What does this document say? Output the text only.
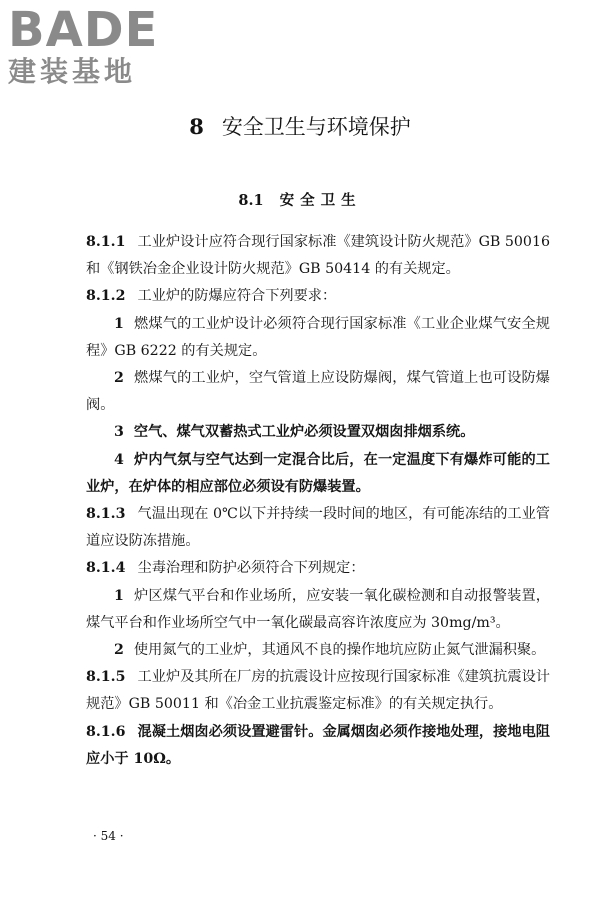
BADE
建装基地
8 安全卫生与环境保护
8.1 安全卫生

8.1.1 工业炉设计应符合现行国家标准《建筑设计防火规范》GB 50016 和《钢铁冶金企业设计防火规范》GB 50414 的有关规定。

8.1.2 工业炉的防爆应符合下列要求：

1 燃煤气的工业炉设计必须符合现行国家标准《工业企业煤气安全规程》GB 6222 的有关规定。

2 燃煤气的工业炉，空气管道上应设防爆阀，煤气管道上也可设防爆阀。

3 空气、煤气双蓄热式工业炉必须设置双烟囱排烟系统。

4 炉内气氛与空气达到一定混合比后，在一定温度下有爆炸可能的工业炉，在炉体的相应部位必须设有防爆装置。

8.1.3 气温出现在 0℃以下并持续一段时间的地区，有可能冻结的工业管道应设防冻措施。

8.1.4 尘毒治理和防护必须符合下列规定：

1 炉区煤气平台和作业场所，应安装一氧化碳检测和自动报警装置，煤气平台和作业场所空气中一氧化碳最高容许浓度应为 30mg/m³。

2 使用氮气的工业炉，其通风不良的操作地坑应防止氮气泄漏积聚。

8.1.5 工业炉及其所在厂房的抗震设计应按现行国家标准《建筑抗震设计规范》GB 50011 和《冶金工业抗震鉴定标准》的有关规定执行。

8.1.6 混凝土烟囱必须设置避雷针。金属烟囱必须作接地处理，接地电阻应小于 10Ω。

· 54 ·
